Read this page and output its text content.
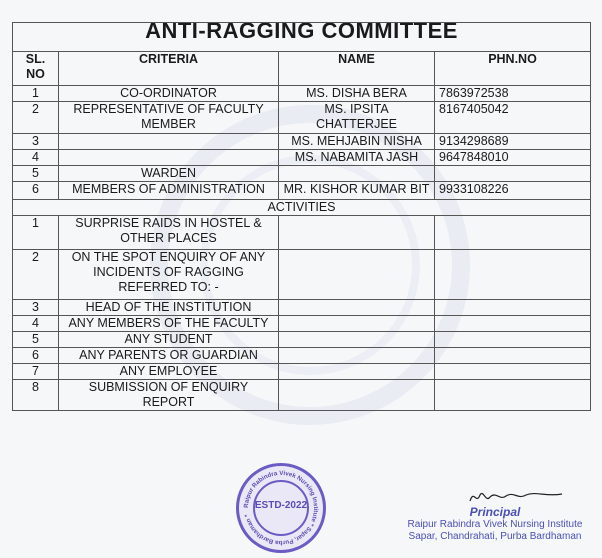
ANTI-RAGGING COMMITTEE			
SL.
NO	CRITERIA	NAME	PHN.NO
1	CO-ORDINATOR	MS. DISHA BERA	7863972538
2	REPRESENTATIVE OF FACULTY MEMBER	MS. IPSITA CHATTERJEE	8167405042
3		MS. MEHJABIN NISHA	9134298689
4		MS. NABAMITA JASH	9647848010
5	WARDEN		
6	MEMBERS OF ADMINISTRATION	MR. KISHOR KUMAR BIT	9933108226
ACTIVITIES			
1	SURPRISE RAIDS IN HOSTEL & OTHER PLACES		
2	ON THE SPOT ENQUIRY OF ANY INCIDENTS OF RAGGING REFERRED TO: -		
3	HEAD OF THE INSTITUTION		
4	ANY MEMBERS OF THE FACULTY		
5	ANY STUDENT		
6	ANY PARENTS OR GUARDIAN		
7	ANY EMPLOYEE		
8	SUBMISSION OF ENQUIRY REPORT		
Raipur Rabindra Vivek Nursing Institute * Sapar, Purba Bardhaman *
ESTD-2022	Principal
Raipur Rabindra Vivek Nursing Institute
Sapar, Chandrahati, Purba Bardhaman
